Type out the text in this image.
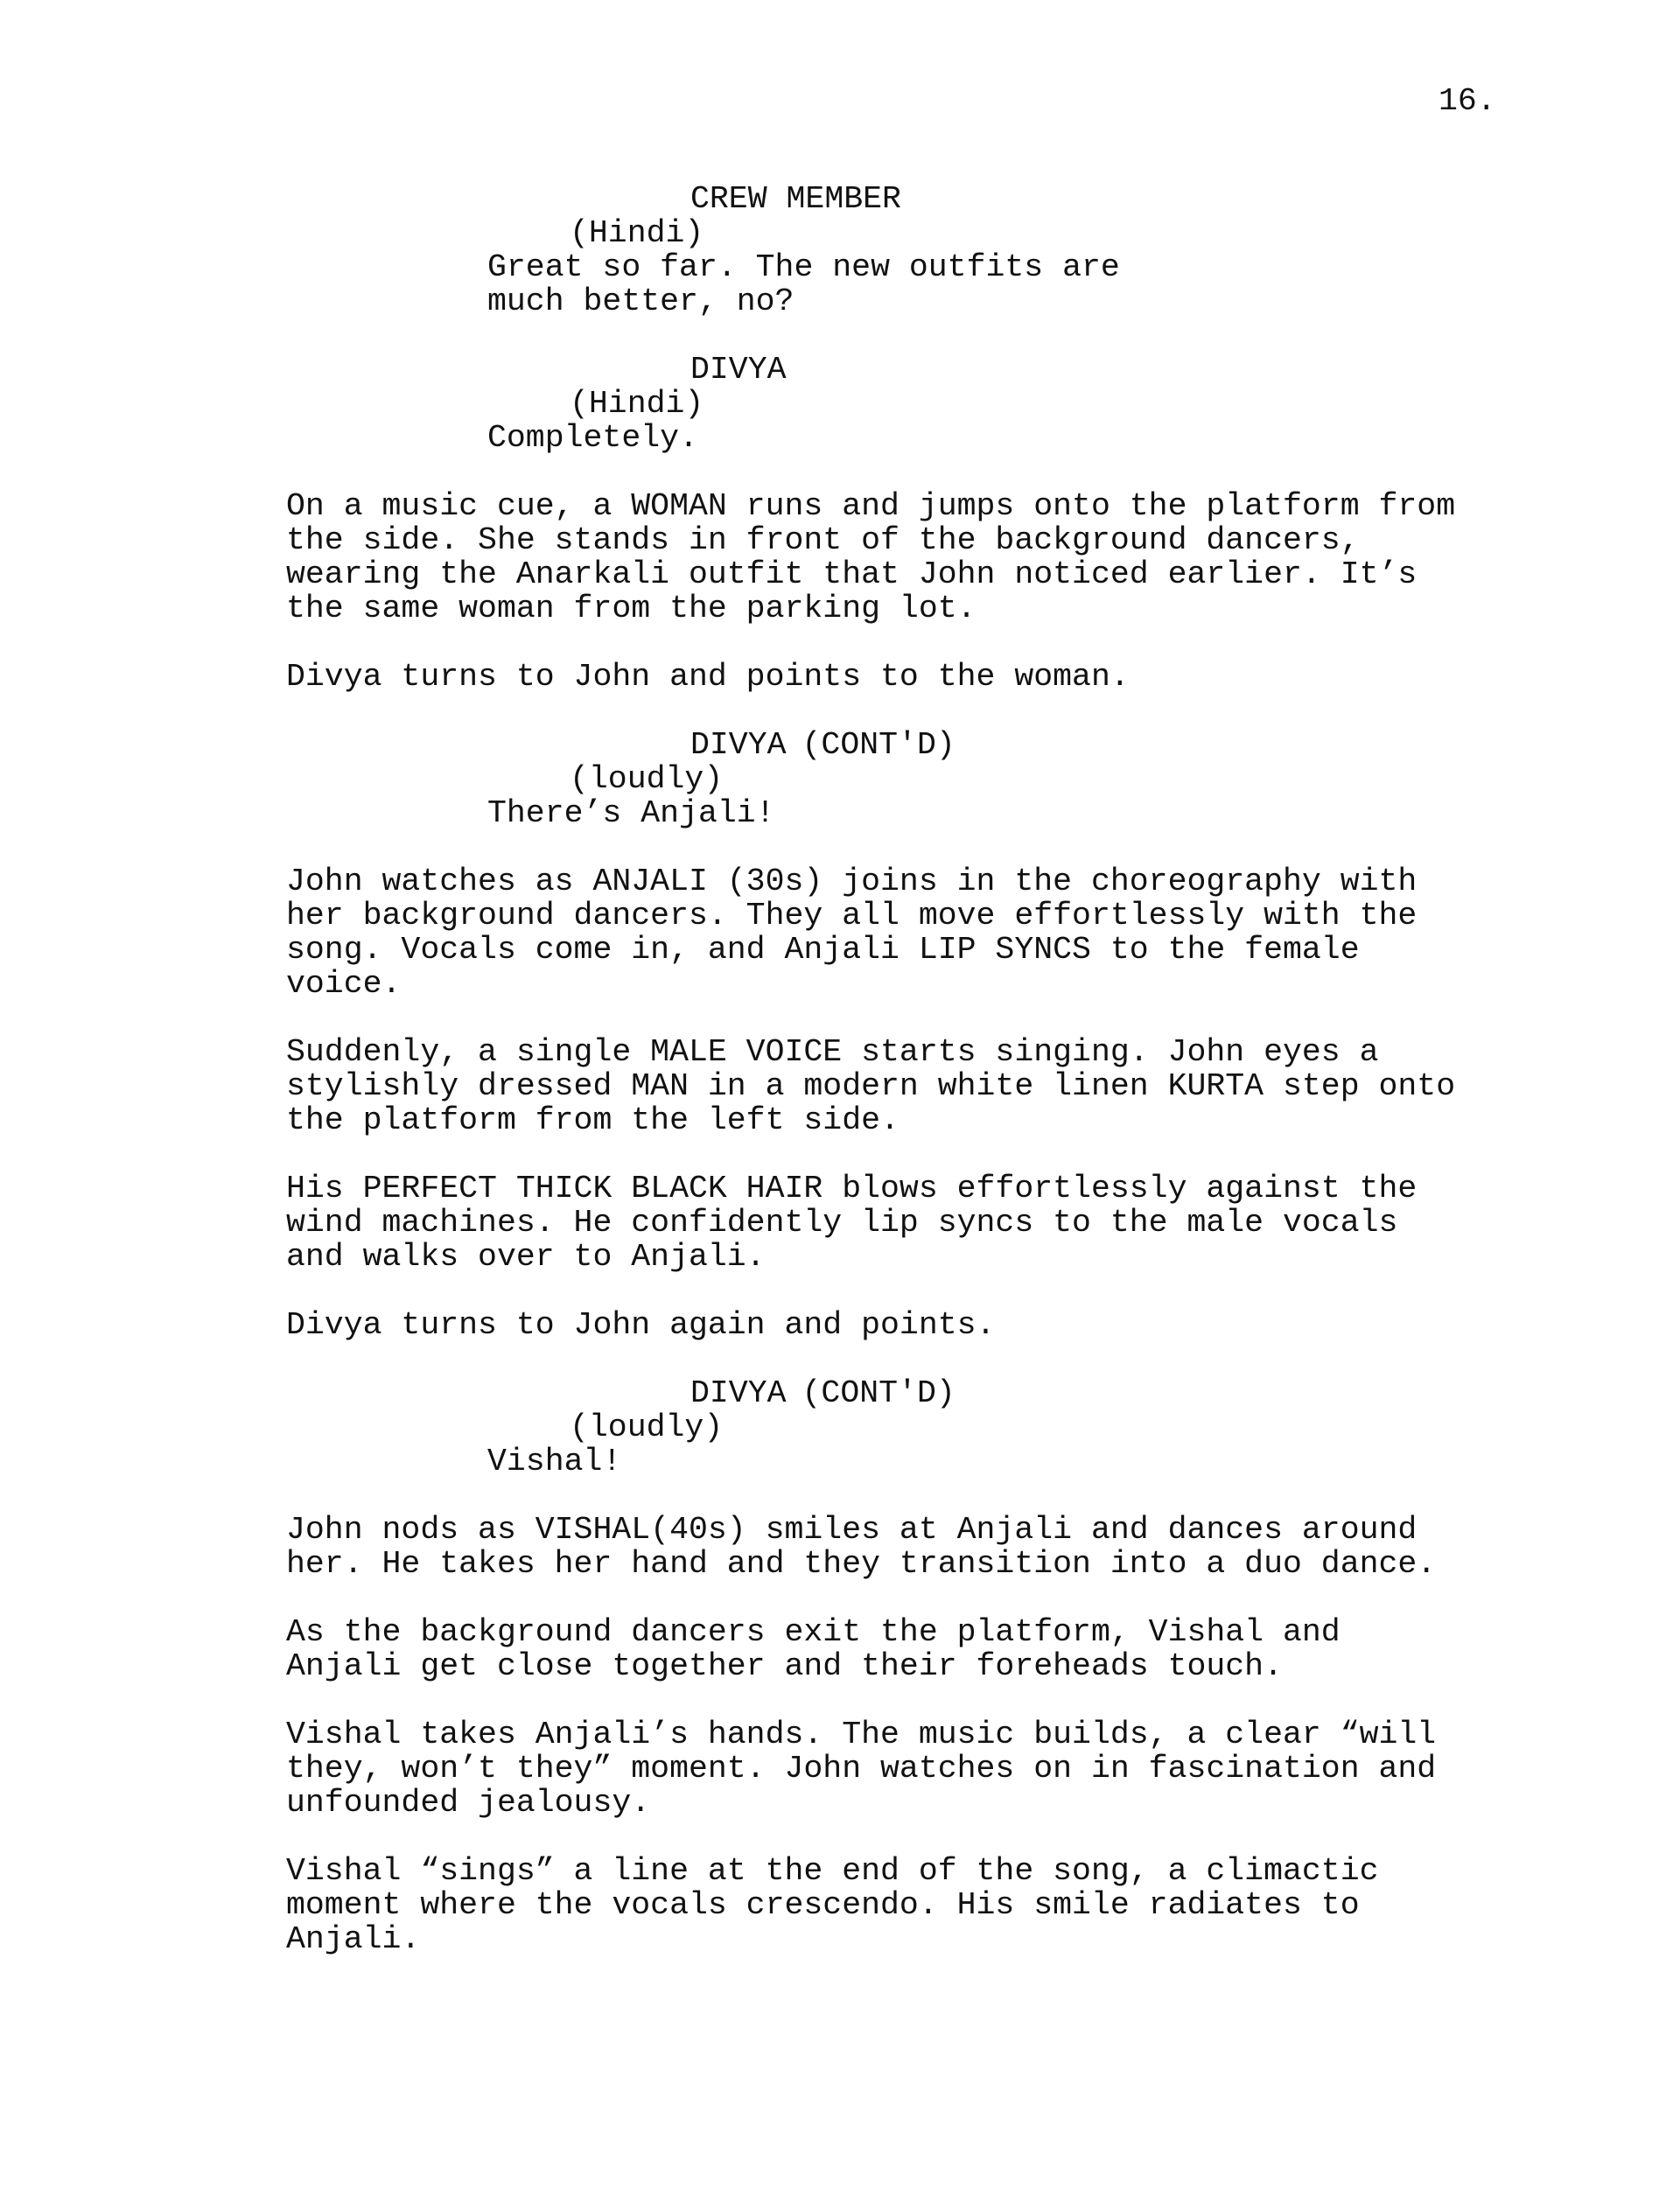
16.
CREW MEMBER
(Hindi)
Great so far. The new outfits are
much better, no?
DIVYA
(Hindi)
Completely.
On a music cue, a WOMAN runs and jumps onto the platform from
the side. She stands in front of the background dancers,
wearing the Anarkali outfit that John noticed earlier. It’s
the same woman from the parking lot.
Divya turns to John and points to the woman.
DIVYA (CONT'D)
(loudly)
There’s Anjali!
John watches as ANJALI (30s) joins in the choreography with
her background dancers. They all move effortlessly with the
song. Vocals come in, and Anjali LIP SYNCS to the female
voice.
Suddenly, a single MALE VOICE starts singing. John eyes a
stylishly dressed MAN in a modern white linen KURTA step onto
the platform from the left side.
His PERFECT THICK BLACK HAIR blows effortlessly against the
wind machines. He confidently lip syncs to the male vocals
and walks over to Anjali.
Divya turns to John again and points.
DIVYA (CONT'D)
(loudly)
Vishal!
John nods as VISHAL(40s) smiles at Anjali and dances around
her. He takes her hand and they transition into a duo dance.
As the background dancers exit the platform, Vishal and
Anjali get close together and their foreheads touch.
Vishal takes Anjali’s hands. The music builds, a clear “will
they, won’t they” moment. John watches on in fascination and
unfounded jealousy.
Vishal “sings” a line at the end of the song, a climactic
moment where the vocals crescendo. His smile radiates to
Anjali.
